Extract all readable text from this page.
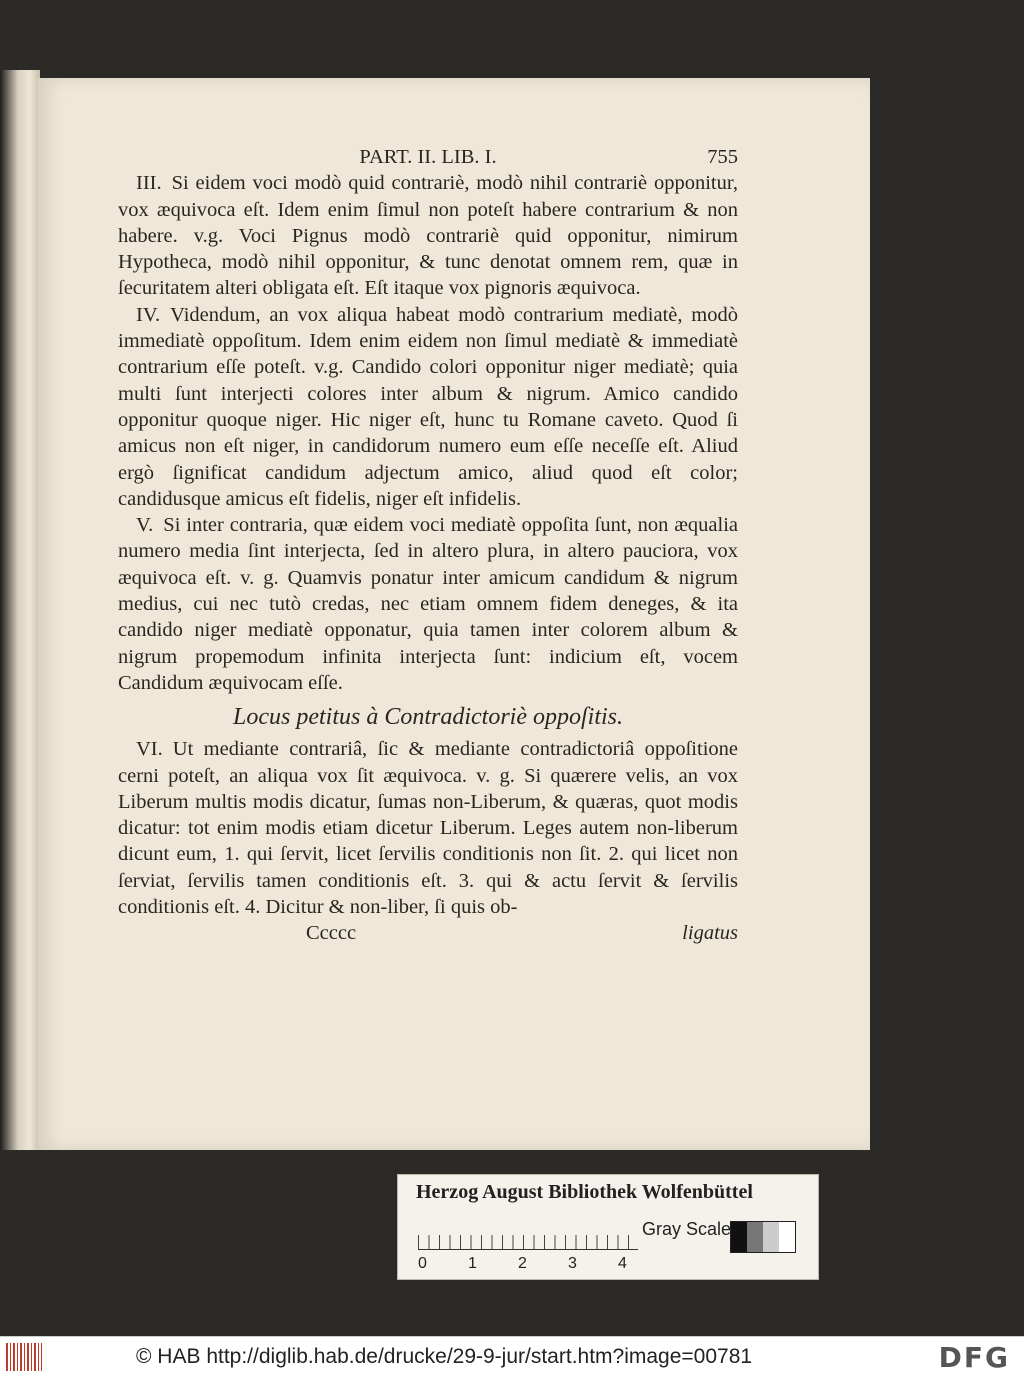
PART. II. LIB. I.	755

III. Si eidem voci modò quid contrariè, modò nihil contrariè opponitur, vox æquivoca eſt. Idem enim ſimul non poteſt habere contrarium & non habere. v.g. Voci Pignus modò contrariè quid opponitur, nimirum Hypotheca, modò nihil opponitur, & tunc denotat omnem rem, quæ in ſecuritatem alteri obligata eſt. Eſt itaque vox pignoris æquivoca.

IV. Videndum, an vox aliqua habeat modò contrarium mediatè, modò immediatè oppoſitum. Idem enim eidem non ſimul mediatè & immediatè contrarium eſſe poteſt. v.g. Candido colori opponitur niger mediatè; quia multi ſunt interjecti colores inter album & nigrum. Amico candido opponitur quoque niger. Hic niger eſt, hunc tu Romane caveto. Quod ſi amicus non eſt niger, in candidorum numero eum eſſe neceſſe eſt. Aliud ergò ſignificat candidum adjectum amico, aliud quod eſt color; candidusque amicus eſt fidelis, niger eſt infidelis.

V. Si inter contraria, quæ eidem voci mediatè oppoſita ſunt, non æqualia numero media ſint interjecta, ſed in altero plura, in altero pauciora, vox æquivoca eſt. v. g. Quamvis ponatur inter amicum candidum & nigrum medius, cui nec tutò credas, nec etiam omnem fidem deneges, & ita candido niger mediatè opponatur, quia tamen inter colorem album & nigrum propemodum infinita interjecta ſunt: indicium eſt, vocem Candidum æquivocam eſſe.

Locus petitus à Contradictoriè oppoſitis.

VI. Ut mediante contrariâ, ſic & mediante contradictoriâ oppoſitione cerni poteſt, an aliqua vox ſit æquivoca. v. g. Si quærere velis, an vox Liberum multis modis dicatur, ſumas non-Liberum, & quæras, quot modis dicatur: tot enim modis etiam dicetur Liberum. Leges autem non-liberum dicunt eum, 1. qui ſervit, licet ſervilis conditionis non ſit. 2. qui licet non ſerviat, ſervilis tamen conditionis eſt. 3. qui & actu ſervit & ſervilis conditionis eſt. 4. Dicitur & non-liber, ſi quis ob-

Ccccc	ligatus
Herzog August Bibliothek Wolfenbüttel
0	1	2	3	4
Gray Scale
© HAB http://diglib.hab.de/drucke/29-9-jur/start.htm?image=00781	DFG
